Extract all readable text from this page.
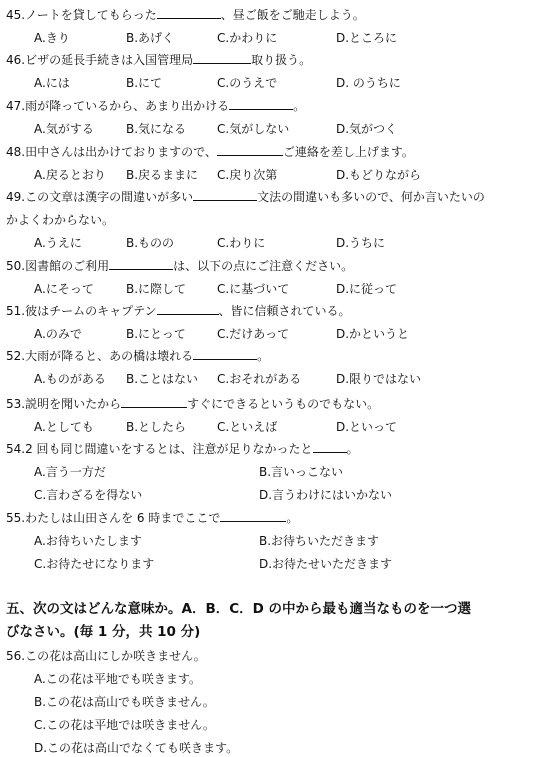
45.ノートを貸してもらった	、昼ご飯をご馳走しよう。
A.きり	B.あげく	C.かわりに	D.ところに
46.ビザの延長手続きは入国管理局	取り扱う。
A.には	B.にて	C.のうえで	D. のうちに
47.雨が降っているから、あまり出かける	。
A.気がする	B.気になる	C.気がしない	D.気がつく
48.田中さんは出かけておりますので、	ご連絡を差し上げます。
A.戻るとおり B.戻るままに C.戻り次第	D.もどりながら
49.この文章は漢字の間違いが多い	文法の間違いも多いので、何か言いたいの
かよくわからない。
A.うえに	B.ものの	C.わりに	D.うちに
50.図書館のご利用	は、以下の点にご注意ください。
A.にそって	B.に際して	C.に基づいて	D.に従って
51.彼はチームのキャプテン	、皆に信頼されている。
A.のみで	B.にとって	C.だけあって	D.かというと
52.大雨が降ると、あの橋は壊れる	。
A.ものがある B.ことはない C.おそれがある	D.限りではない
53.説明を聞いたから	すぐにできるというものでもない。
A.としても	B.としたら	C.といえば	D.といって
54.2 回も同じ間違いをするとは、注意が足りなかったと	。
A.言う一方だ	B.言いっこない
C.言わざるを得ない	D.言うわけにはいかない
55.わたしは山田さんを 6 時までここで	。
A.お待ちいたします	B.お待ちいただきます
C.お待たせになります	D.お待たせいただきます
五、次の文はどんな意味か。A．B．C．D の中から最も適当なものを一つ選
びなさい。(毎 1 分，共 10 分)
56.この花は高山にしか咲きません。
A.この花は平地でも咲きます。
B.この花は高山でも咲きません。
C.この花は平地では咲きません。
D.この花は高山でなくても咲きます。
